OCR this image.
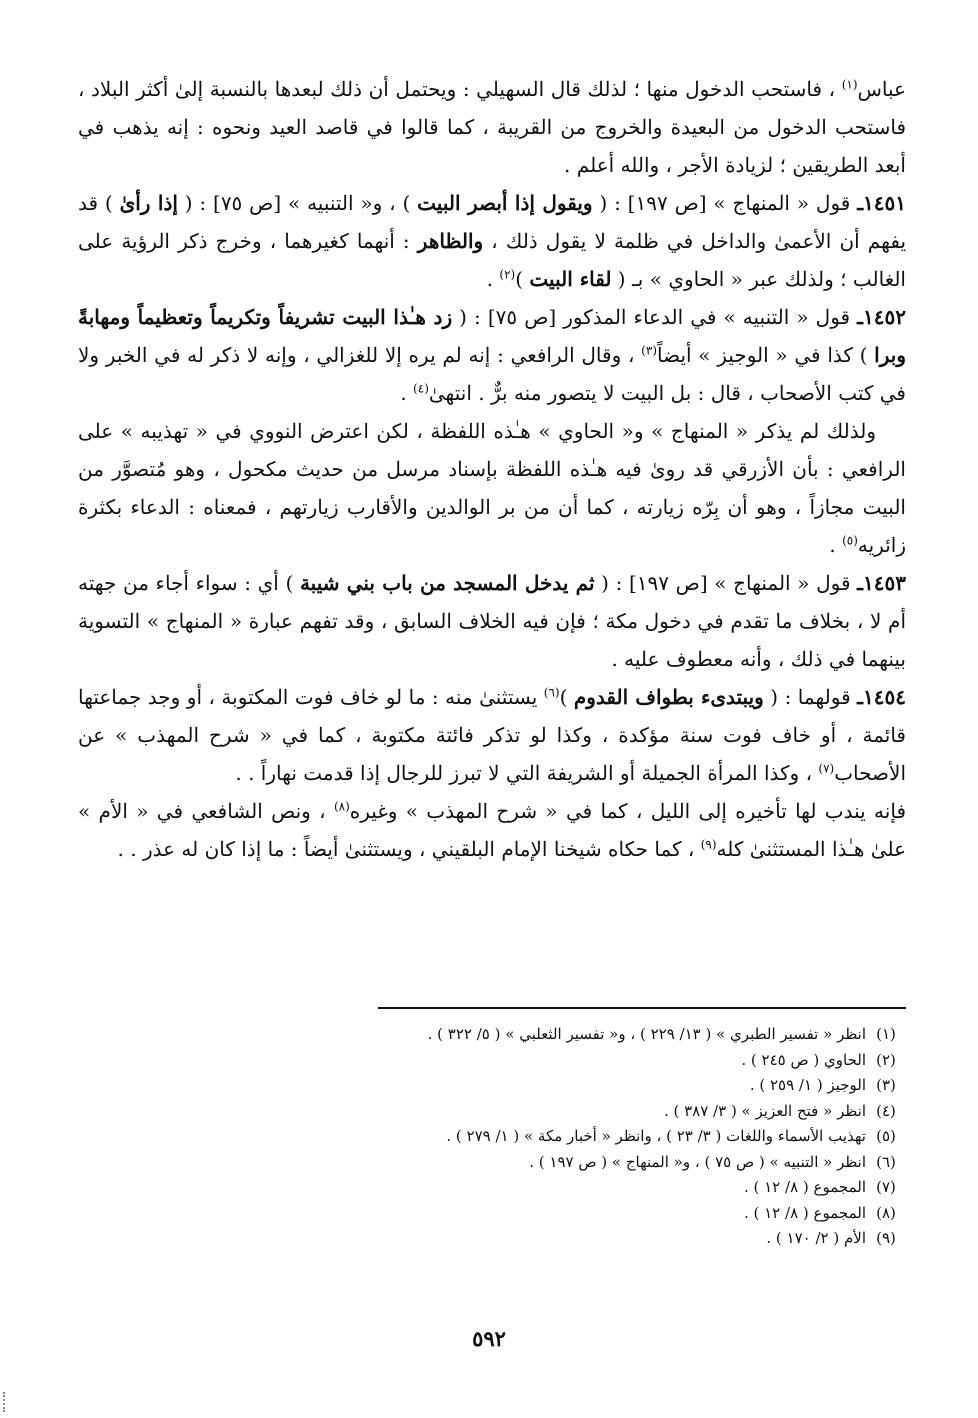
عباس$^{(١)}$ ، فاستحب الدخول منها ؛ لذلك قال السهيلي : ويحتمل أن ذلك لبعدها بالنسبة إلىٰ أكثر البلاد ، فاستحب الدخول من البعيدة والخروج من القريبة ، كما قالوا في قاصد العيد ونحوه : إنه يذهب في أبعد الطريقين ؛ لزيادة الأجر ، والله أعلم .

١٤٥١ـ قول « المنهاج » [ص ١٩٧] : ( ويقول إذا أبصر البيت ) ، و« التنبيه » [ص ٧٥] : ( إذا رأىٰ ) قد يفهم أن الأعمىٰ والداخل في ظلمة لا يقول ذلك ، والظاهر : أنهما كغيرهما ، وخرج ذكر الرؤية على الغالب ؛ ولذلك عبر « الحاوي » بـ ( لقاء البيت )$^{(٢)}$ .

١٤٥٢ـ قول « التنبيه » في الدعاء المذكور [ص ٧٥] : ( زد هـٰذا البيت تشريفاً وتكريماً وتعظيماً ومهابةً وبرا ) كذا في « الوجيز » أيضاً$^{(٣)}$ ، وقال الرافعي : إنه لم يره إلا للغزالي ، وإنه لا ذكر له في الخبر ولا في كتب الأصحاب ، قال : بل البيت لا يتصور منه برٌّ . انتهىٰ$^{(٤)}$ .

ولذلك لم يذكر « المنهاج » و« الحاوي » هـٰذه اللفظة ، لكن اعترض النووي في « تهذيبه » على الرافعي : بأن الأزرقي قد روىٰ فيه هـٰذه اللفظة بإسناد مرسل من حديث مكحول ، وهو مُتصوَّر من البيت مجازاً ، وهو أن بِرّه زيارته ، كما أن من بر الوالدين والأقارب زيارتهم ، فمعناه : الدعاء بكثرة زائريه$^{(٥)}$ .

١٤٥٣ـ قول « المنهاج » [ص ١٩٧] : ( ثم يدخل المسجد من باب بني شيبة ) أي : سواء أجاء من جهته أم لا ، بخلاف ما تقدم في دخول مكة ؛ فإن فيه الخلاف السابق ، وقد تفهم عبارة « المنهاج » التسوية بينهما في ذلك ، وأنه معطوف عليه .

١٤٥٤ـ قولهما : ( ويبتدىء بطواف القدوم )$^{(٦)}$ يستثنىٰ منه : ما لو خاف فوت المكتوبة ، أو وجد جماعتها قائمة ، أو خاف فوت سنة مؤكدة ، وكذا لو تذكر فائتة مكتوبة ، كما في « شرح المهذب » عن الأصحاب$^{(٧)}$ ، وكذا المرأة الجميلة أو الشريفة التي لا تبرز للرجال إذا قدمت نهاراً . .

فإنه يندب لها تأخيره إلى الليل ، كما في « شرح المهذب » وغيره$^{(٨)}$ ، ونص الشافعي في « الأم » علىٰ هـٰذا المستثنىٰ كله$^{(٩)}$ ، كما حكاه شيخنا الإمام البلقيني ، ويستثنىٰ أيضاً : ما إذا كان له عذر . .

(١)
انظر « تفسير الطبري » ( ١٣/ ٢٢٩ ) ، و« تفسير الثعلبي » ( ٥/ ٣٢٢ ) .
(٢)
الحاوي ( ص ٢٤٥ ) .
(٣)
الوجيز ( ١/ ٢٥٩ ) .
(٤)
انظر « فتح العزيز » ( ٣/ ٣٨٧ ) .
(٥)
تهذيب الأسماء واللغات ( ٣/ ٢٣ ) ، وانظر « أخبار مكة » ( ١/ ٢٧٩ ) .
(٦)
انظر « التنبيه » ( ص ٧٥ ) ، و« المنهاج » ( ص ١٩٧ ) .
(٧)
المجموع ( ٨/ ١٢ ) .
(٨)
المجموع ( ٨/ ١٢ ) .
(٩)
الأم ( ٢/ ١٧٠ ) .
٥٩٢
